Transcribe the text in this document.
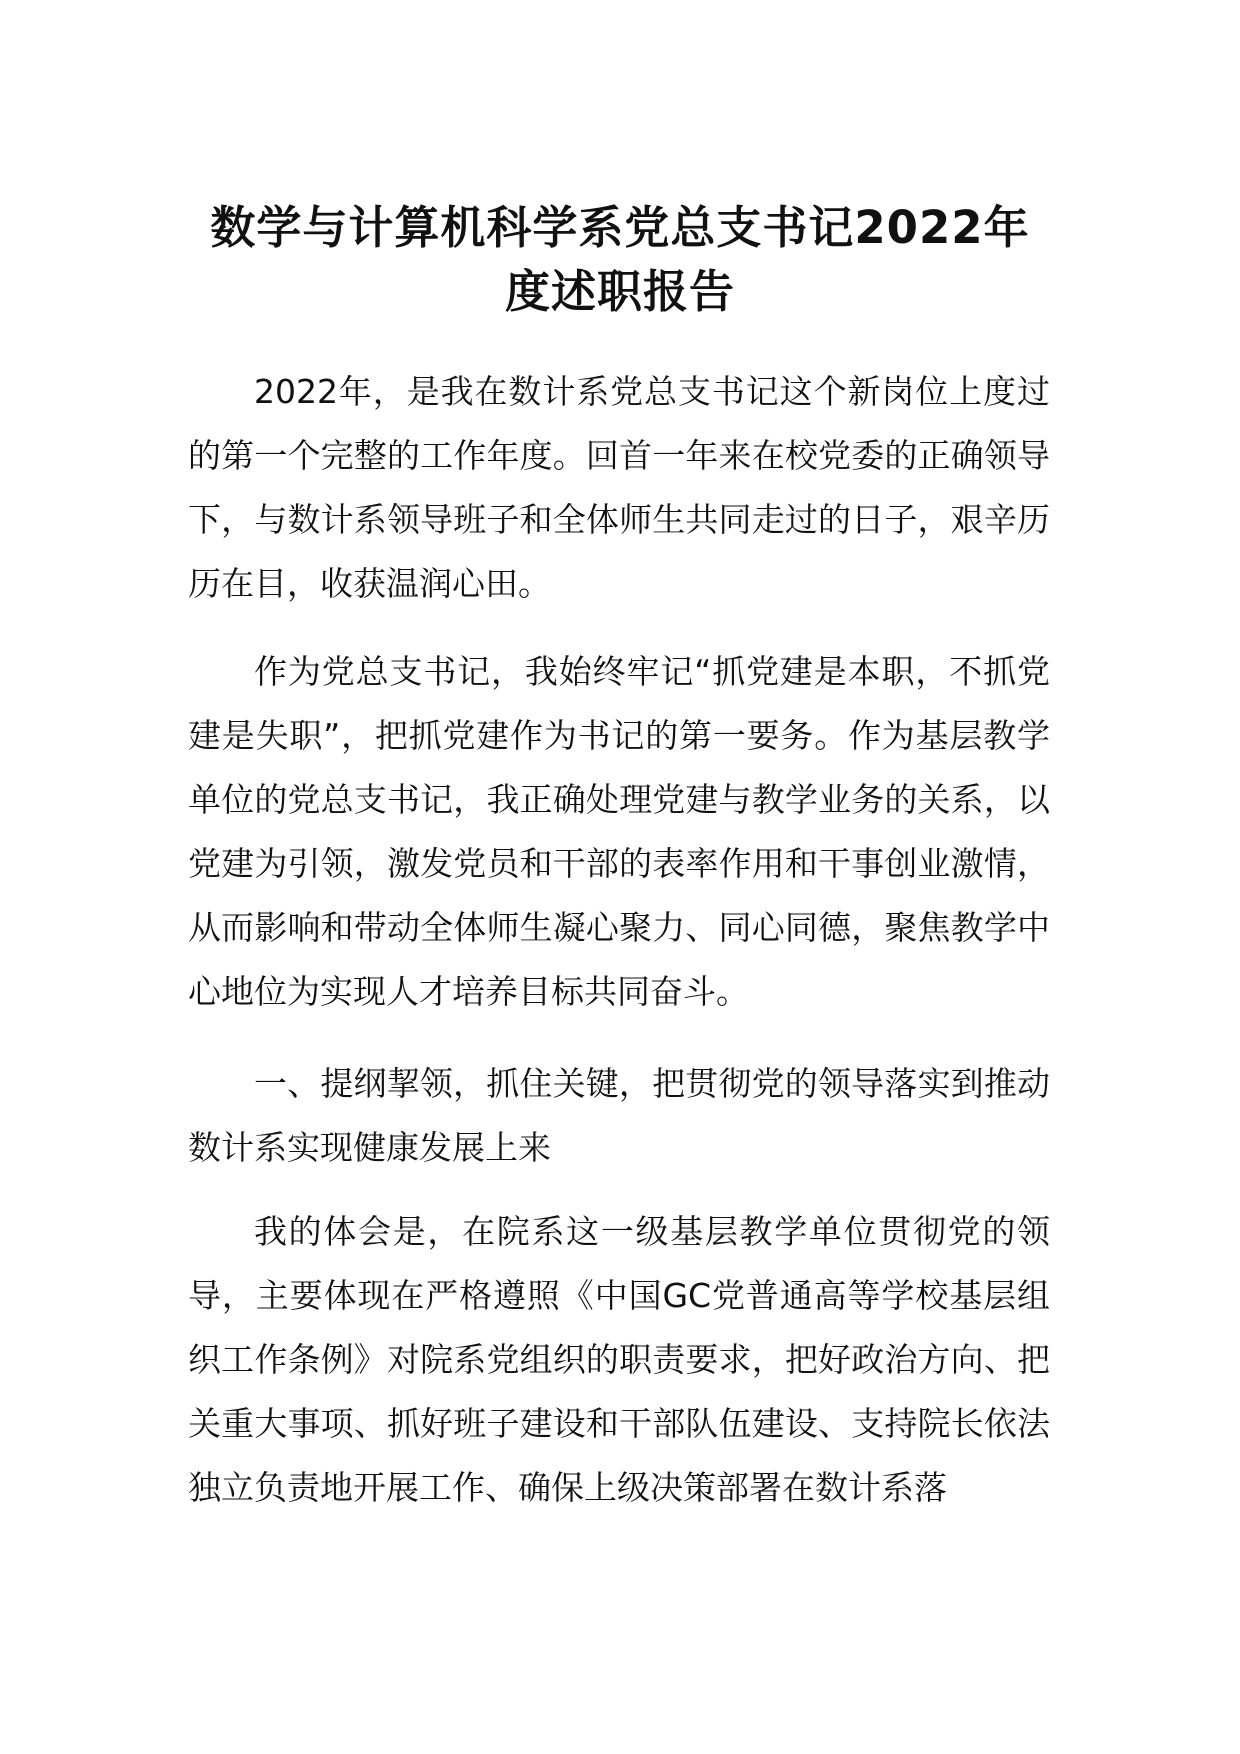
数学与计算机科学系党总支书记2022年度述职报告

2022年，是我在数计系党总支书记这个新岗位上度过的第一个完整的工作年度。回首一年来在校党委的正确领导下，与数计系领导班子和全体师生共同走过的日子，艰辛历历在目，收获温润心田。

作为党总支书记，我始终牢记“抓党建是本职，不抓党建是失职”，把抓党建作为书记的第一要务。作为基层教学单位的党总支书记，我正确处理党建与教学业务的关系，以党建为引领，激发党员和干部的表率作用和干事创业激情，从而影响和带动全体师生凝心聚力、同心同德，聚焦教学中心地位为实现人才培养目标共同奋斗。

一、提纲挈领，抓住关键，把贯彻党的领导落实到推动数计系实现健康发展上来

我的体会是，在院系这一级基层教学单位贯彻党的领导，主要体现在严格遵照《中国GC党普通高等学校基层组织工作条例》对院系党组织的职责要求，把好政治方向、把关重大事项、抓好班子建设和干部队伍建设、支持院长依法独立负责地开展工作、确保上级决策部署在数计系落
